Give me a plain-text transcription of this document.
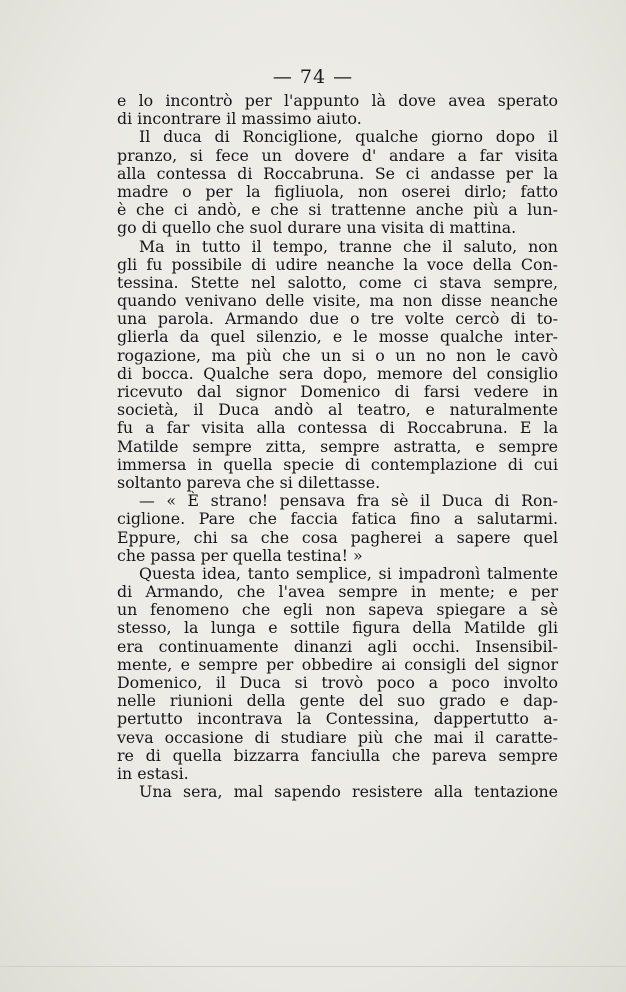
— 74 —
e lo incontrò per l'appunto là dove avea sperato
di incontrare il massimo aiuto.
Il duca di Ronciglione, qualche giorno dopo il
pranzo, si fece un dovere d' andare a far visita
alla contessa di Roccabruna. Se ci andasse per la
madre o per la figliuola, non oserei dirlo; fatto
è che ci andò, e che si trattenne anche più a lun-
go di quello che suol durare una visita di mattina.
Ma in tutto il tempo, tranne che il saluto, non
gli fu possibile di udire neanche la voce della Con-
tessina. Stette nel salotto, come ci stava sempre,
quando venivano delle visite, ma non disse neanche
una parola. Armando due o tre volte cercò di to-
glierla da quel silenzio, e le mosse qualche inter-
rogazione, ma più che un si o un no non le cavò
di bocca. Qualche sera dopo, memore del consiglio
ricevuto dal signor Domenico di farsi vedere in
società, il Duca andò al teatro, e naturalmente
fu a far visita alla contessa di Roccabruna. E la
Matilde sempre zitta, sempre astratta, e sempre
immersa in quella specie di contemplazione di cui
soltanto pareva che si dilettasse.
— « È strano! pensava fra sè il Duca di Ron-
ciglione. Pare che faccia fatica fino a salutarmi.
Eppure, chi sa che cosa pagherei a sapere quel
che passa per quella testina! »
Questa idea, tanto semplice, si impadronì talmente
di Armando, che l'avea sempre in mente; e per
un fenomeno che egli non sapeva spiegare a sè
stesso, la lunga e sottile figura della Matilde gli
era continuamente dinanzi agli occhi. Insensibil-
mente, e sempre per obbedire ai consigli del signor
Domenico, il Duca si trovò poco a poco involto
nelle riunioni della gente del suo grado e dap-
pertutto incontrava la Contessina, dappertutto a-
veva occasione di studiare più che mai il caratte-
re di quella bizzarra fanciulla che pareva sempre
in estasi.
Una sera, mal sapendo resistere alla tentazione
